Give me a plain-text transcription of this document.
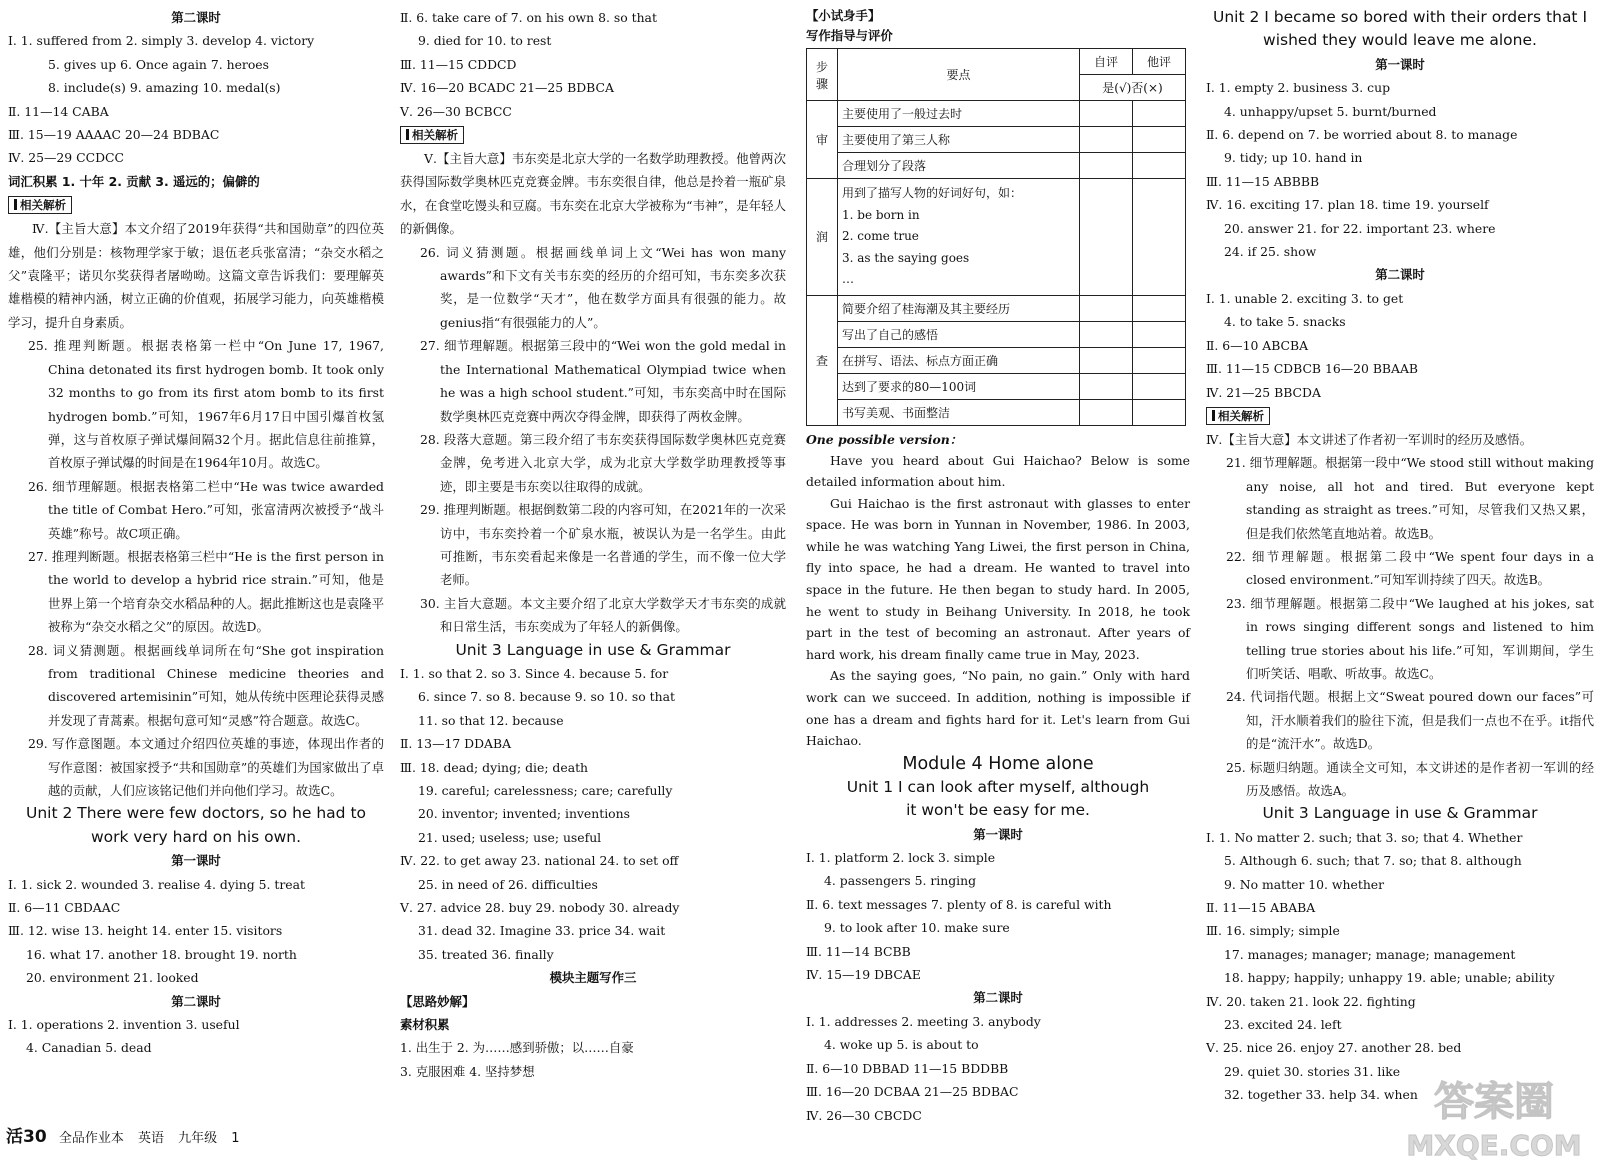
第二课时
Ⅰ. 1. suffered from 2. simply 3. develop 4. victory
5. gives up 6. Once again 7. heroes
8. include(s) 9. amazing 10. medal(s)
Ⅱ. 11—14 CABA
Ⅲ. 15—19 AAAAC 20—24 BDBAC
Ⅳ. 25—29 CCDCC
词汇积累 1. 十年 2. 贡献 3. 遥远的；偏僻的
相关解析
Ⅳ.【主旨大意】本文介绍了2019年获得“共和国勋章”的四位英雄，他们分别是：核物理学家于敏；退伍老兵张富清；“杂交水稻之父”袁隆平；诺贝尔奖获得者屠呦呦。这篇文章告诉我们：要理解英雄楷模的精神内涵，树立正确的价值观，拓展学习能力，向英雄楷模学习，提升自身素质。
25. 推理判断题。根据表格第一栏中“On June 17, 1967, China detonated its first hydrogen bomb. It took only 32 months to go from its first atom bomb to its first hydrogen bomb.”可知，1967年6月17日中国引爆首枚氢弹，这与首枚原子弹试爆间隔32个月。据此信息往前推算，首枚原子弹试爆的时间是在1964年10月。故选C。
26. 细节理解题。根据表格第二栏中“He was twice awarded the title of Combat Hero.”可知，张富清两次被授予“战斗英雄”称号。故C项正确。
27. 推理判断题。根据表格第三栏中“He is the first person in the world to develop a hybrid rice strain.”可知，他是世界上第一个培育杂交水稻品种的人。据此推断这也是袁隆平被称为“杂交水稻之父”的原因。故选D。
28. 词义猜测题。根据画线单词所在句“She got inspiration from traditional Chinese medicine theories and discovered artemisinin”可知，她从传统中医理论获得灵感并发现了青蒿素。根据句意可知“灵感”符合题意。故选C。
29. 写作意图题。本文通过介绍四位英雄的事迹，体现出作者的写作意图：被国家授予“共和国勋章”的英雄们为国家做出了卓越的贡献，人们应该铭记他们并向他们学习。故选C。
Unit 2 There were few doctors, so he had to
work very hard on his own.
第一课时
Ⅰ. 1. sick 2. wounded 3. realise 4. dying 5. treat
Ⅱ. 6—11 CBDAAC
Ⅲ. 12. wise 13. height 14. enter 15. visitors
16. what 17. another 18. brought 19. north
20. environment 21. looked
第二课时
Ⅰ. 1. operations 2. invention 3. useful
4. Canadian 5. dead
Ⅱ. 6. take care of 7. on his own 8. so that
9. died for 10. to rest
Ⅲ. 11—15 CDDCD
Ⅳ. 16—20 BCADC 21—25 BDBCA
Ⅴ. 26—30 BCBCC
相关解析
Ⅴ.【主旨大意】韦东奕是北京大学的一名数学助理教授。他曾两次获得国际数学奥林匹克竞赛金牌。韦东奕很自律，他总是拎着一瓶矿泉水，在食堂吃馒头和豆腐。韦东奕在北京大学被称为“韦神”，是年轻人的新偶像。
26. 词义猜测题。根据画线单词上文“Wei has won many awards”和下文有关韦东奕的经历的介绍可知，韦东奕多次获奖，是一位数学“天才”，他在数学方面具有很强的能力。故genius指“有很强能力的人”。
27. 细节理解题。根据第三段中的“Wei won the gold medal in the International Mathematical Olympiad twice when he was a high school student.”可知，韦东奕高中时在国际数学奥林匹克竞赛中两次夺得金牌，即获得了两枚金牌。
28. 段落大意题。第三段介绍了韦东奕获得国际数学奥林匹克竞赛金牌，免考进入北京大学，成为北京大学数学助理教授等事迹，即主要是韦东奕以往取得的成就。
29. 推理判断题。根据倒数第二段的内容可知，在2021年的一次采访中，韦东奕拎着一个矿泉水瓶，被误认为是一名学生。由此可推断，韦东奕看起来像是一名普通的学生，而不像一位大学老师。
30. 主旨大意题。本文主要介绍了北京大学数学天才韦东奕的成就和日常生活，韦东奕成为了年轻人的新偶像。
Unit 3 Language in use & Grammar
Ⅰ. 1. so that 2. so 3. Since 4. because 5. for
6. since 7. so 8. because 9. so 10. so that
11. so that 12. because
Ⅱ. 13—17 DDABA
Ⅲ. 18. dead; dying; die; death
19. careful; carelessness; care; carefully
20. inventor; invented; inventions
21. used; useless; use; useful
Ⅳ. 22. to get away 23. national 24. to set off
25. in need of 26. difficulties
Ⅴ. 27. advice 28. buy 29. nobody 30. already
31. dead 32. Imagine 33. price 34. wait
35. treated 36. finally
模块主题写作三
【思路妙解】
素材积累
1. 出生于 2. 为……感到骄傲；以……自豪
3. 克服困难 4. 坚持梦想
【小试身手】
写作指导与评价
步骤	要点	自评	他评
		是(√)否(×)	
审	主要使用了一般过去时		
	主要使用了第三人称		
	合理划分了段落		
润	用到了描写人物的好词好句，如：
1. be born in
2. come true
3. as the saying goes
…		

查	简要介绍了桂海潮及其主要经历		
	写出了自己的感悟		
	在拼写、语法、标点方面正确		
	达到了要求的80—100词		
	书写美观、书面整洁		
One possible version：
Have you heard about Gui Haichao? Below is some detailed information about him.
Gui Haichao is the first astronaut with glasses to enter space. He was born in Yunnan in November, 1986. In 2003, while he was watching Yang Liwei, the first person in China, fly into space, he had a dream. He wanted to travel into space in the future. He then began to study hard. In 2005, he went to study in Beihang University. In 2018, he took part in the test of becoming an astronaut. After years of hard work, his dream finally came true in May, 2023.
As the saying goes, “No pain, no gain.” Only with hard work can we succeed. In addition, nothing is impossible if one has a dream and fights hard for it. Let's learn from Gui Haichao.
Module 4 Home alone
Unit 1 I can look after myself, although
it won't be easy for me.
第一课时
Ⅰ. 1. platform 2. lock 3. simple
4. passengers 5. ringing
Ⅱ. 6. text messages 7. plenty of 8. is careful with
9. to look after 10. make sure
Ⅲ. 11—14 BCBB
Ⅳ. 15—19 DBCAE
第二课时
Ⅰ. 1. addresses 2. meeting 3. anybody
4. woke up 5. is about to
Ⅱ. 6—10 DBBAD 11—15 BDDBB
Ⅲ. 16—20 DCBAA 21—25 BDBAC
Ⅳ. 26—30 CBCDC
Unit 2 I became so bored with their orders that I
wished they would leave me alone.
第一课时
Ⅰ. 1. empty 2. business 3. cup
4. unhappy/upset 5. burnt/burned
Ⅱ. 6. depend on 7. be worried about 8. to manage
9. tidy; up 10. hand in
Ⅲ. 11—15 ABBBB
Ⅳ. 16. exciting 17. plan 18. time 19. yourself
20. answer 21. for 22. important 23. where
24. if 25. show
第二课时
Ⅰ. 1. unable 2. exciting 3. to get
4. to take 5. snacks
Ⅱ. 6—10 ABCBA
Ⅲ. 11—15 CDBCB 16—20 BBAAB
Ⅳ. 21—25 BBCDA
相关解析
Ⅳ.【主旨大意】本文讲述了作者初一军训时的经历及感悟。
21. 细节理解题。根据第一段中“We stood still without making any noise, all hot and tired. But everyone kept standing as straight as trees.”可知，尽管我们又热又累，但是我们依然笔直地站着。故选B。
22. 细节理解题。根据第二段中“We spent four days in a closed environment.”可知军训持续了四天。故选B。
23. 细节理解题。根据第二段中“We laughed at his jokes, sat in rows singing different songs and listened to him telling true stories about his life.”可知，军训期间，学生们听笑话、唱歌、听故事。故选C。
24. 代词指代题。根据上文“Sweat poured down our faces”可知，汗水顺着我们的脸往下流，但是我们一点也不在乎。it指代的是“流汗水”。故选D。
25. 标题归纳题。通读全文可知，本文讲述的是作者初一军训的经历及感悟。故选A。
Unit 3 Language in use & Grammar
Ⅰ. 1. No matter 2. such; that 3. so; that 4. Whether
5. Although 6. such; that 7. so; that 8. although
9. No matter 10. whether
Ⅱ. 11—15 ABABA
Ⅲ. 16. simply; simple
17. manages; manager; manage; management
18. happy; happily; unhappy 19. able; unable; ability
Ⅳ. 20. taken 21. look 22. fighting
23. excited 24. left
Ⅴ. 25. nice 26. enjoy 27. another 28. bed
29. quiet 30. stories 31. like
32. together 33. help 34. when
活30 全品作业本 英语 九年级 1
答案圈
MXQE.COM
